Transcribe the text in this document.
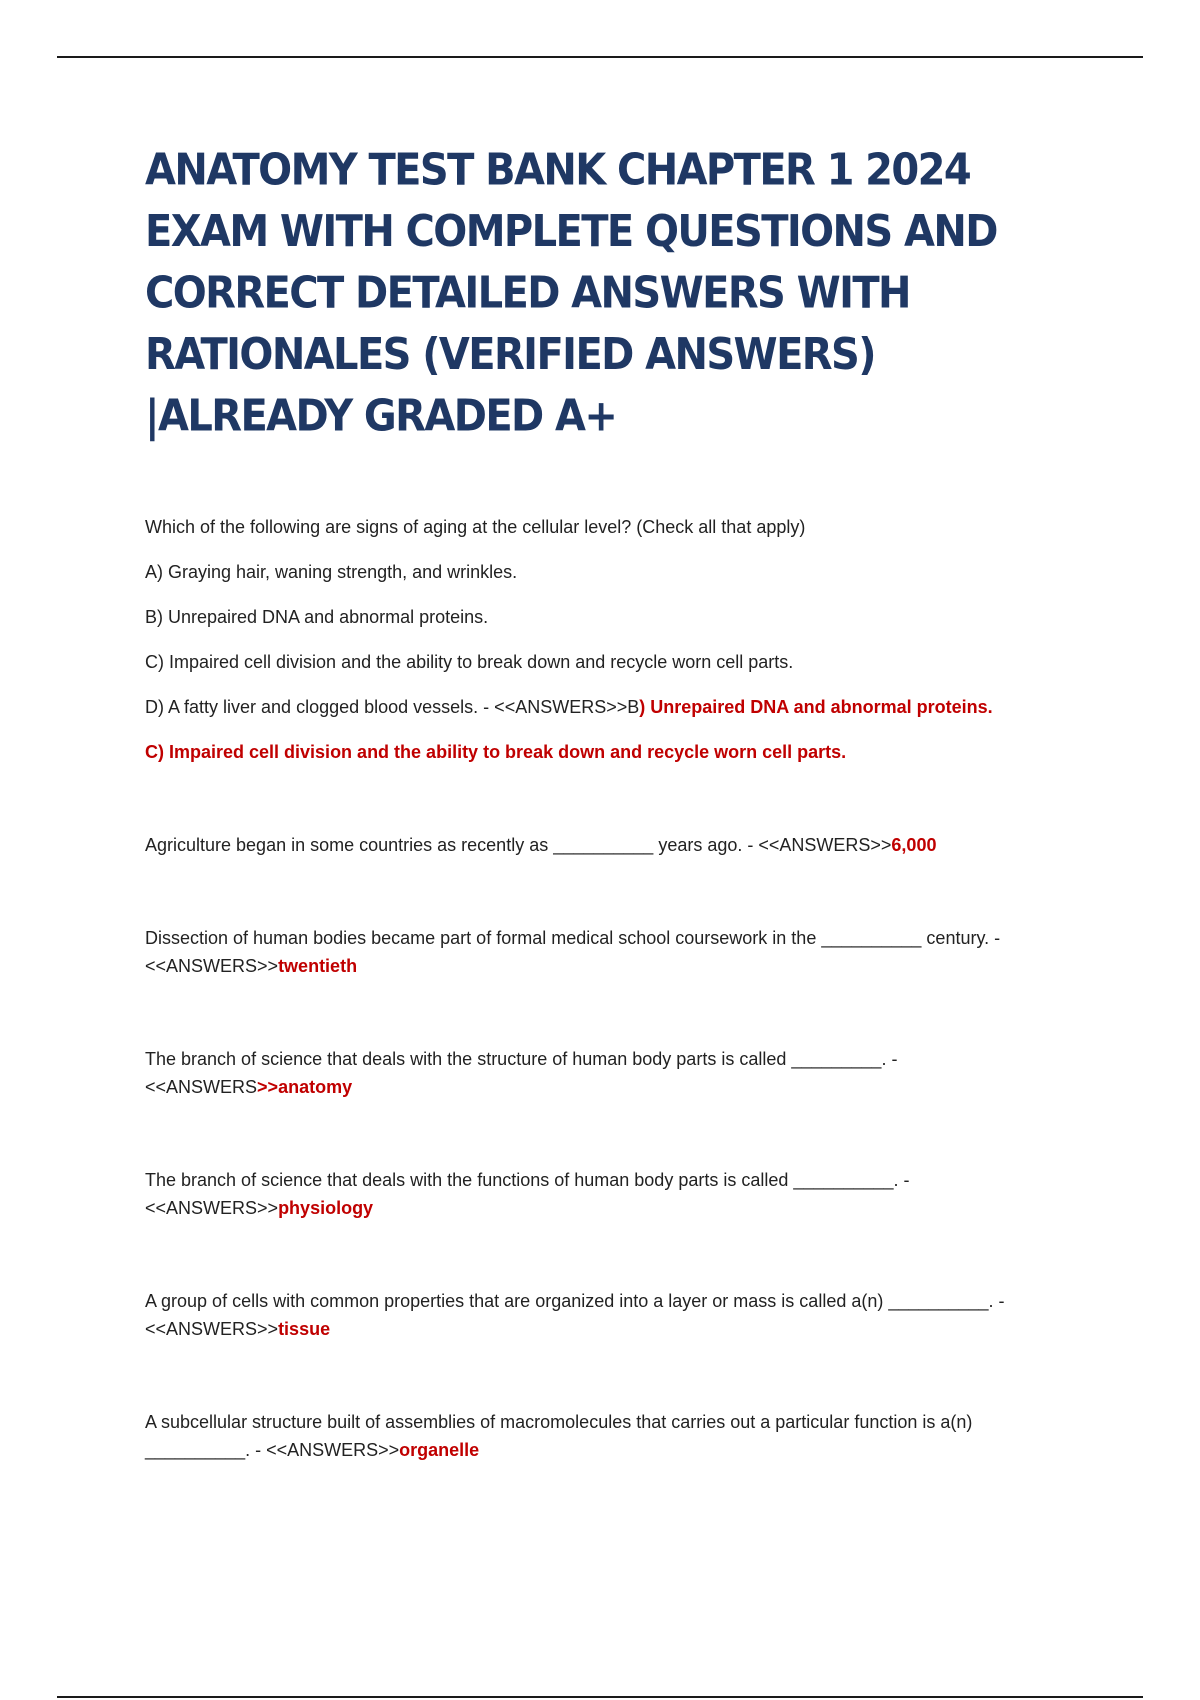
ANATOMY TEST BANK CHAPTER 1 2024 EXAM WITH COMPLETE QUESTIONS AND CORRECT DETAILED ANSWERS WITH RATIONALES (VERIFIED ANSWERS) |ALREADY GRADED A+

Which of the following are signs of aging at the cellular level? (Check all that apply)

A) Graying hair, waning strength, and wrinkles.

B) Unrepaired DNA and abnormal proteins.

C) Impaired cell division and the ability to break down and recycle worn cell parts.

D) A fatty liver and clogged blood vessels. - <<ANSWERS>>B) Unrepaired DNA and abnormal proteins.

C) Impaired cell division and the ability to break down and recycle worn cell parts.

Agriculture began in some countries as recently as __________ years ago. - <<ANSWERS>>6,000

Dissection of human bodies became part of formal medical school coursework in the __________ century. - <<ANSWERS>>twentieth

The branch of science that deals with the structure of human body parts is called _________. - <<ANSWERS>>anatomy

The branch of science that deals with the functions of human body parts is called __________. - <<ANSWERS>>physiology

A group of cells with common properties that are organized into a layer or mass is called a(n) __________. - <<ANSWERS>>tissue

A subcellular structure built of assemblies of macromolecules that carries out a particular function is a(n) __________. - <<ANSWERS>>organelle
